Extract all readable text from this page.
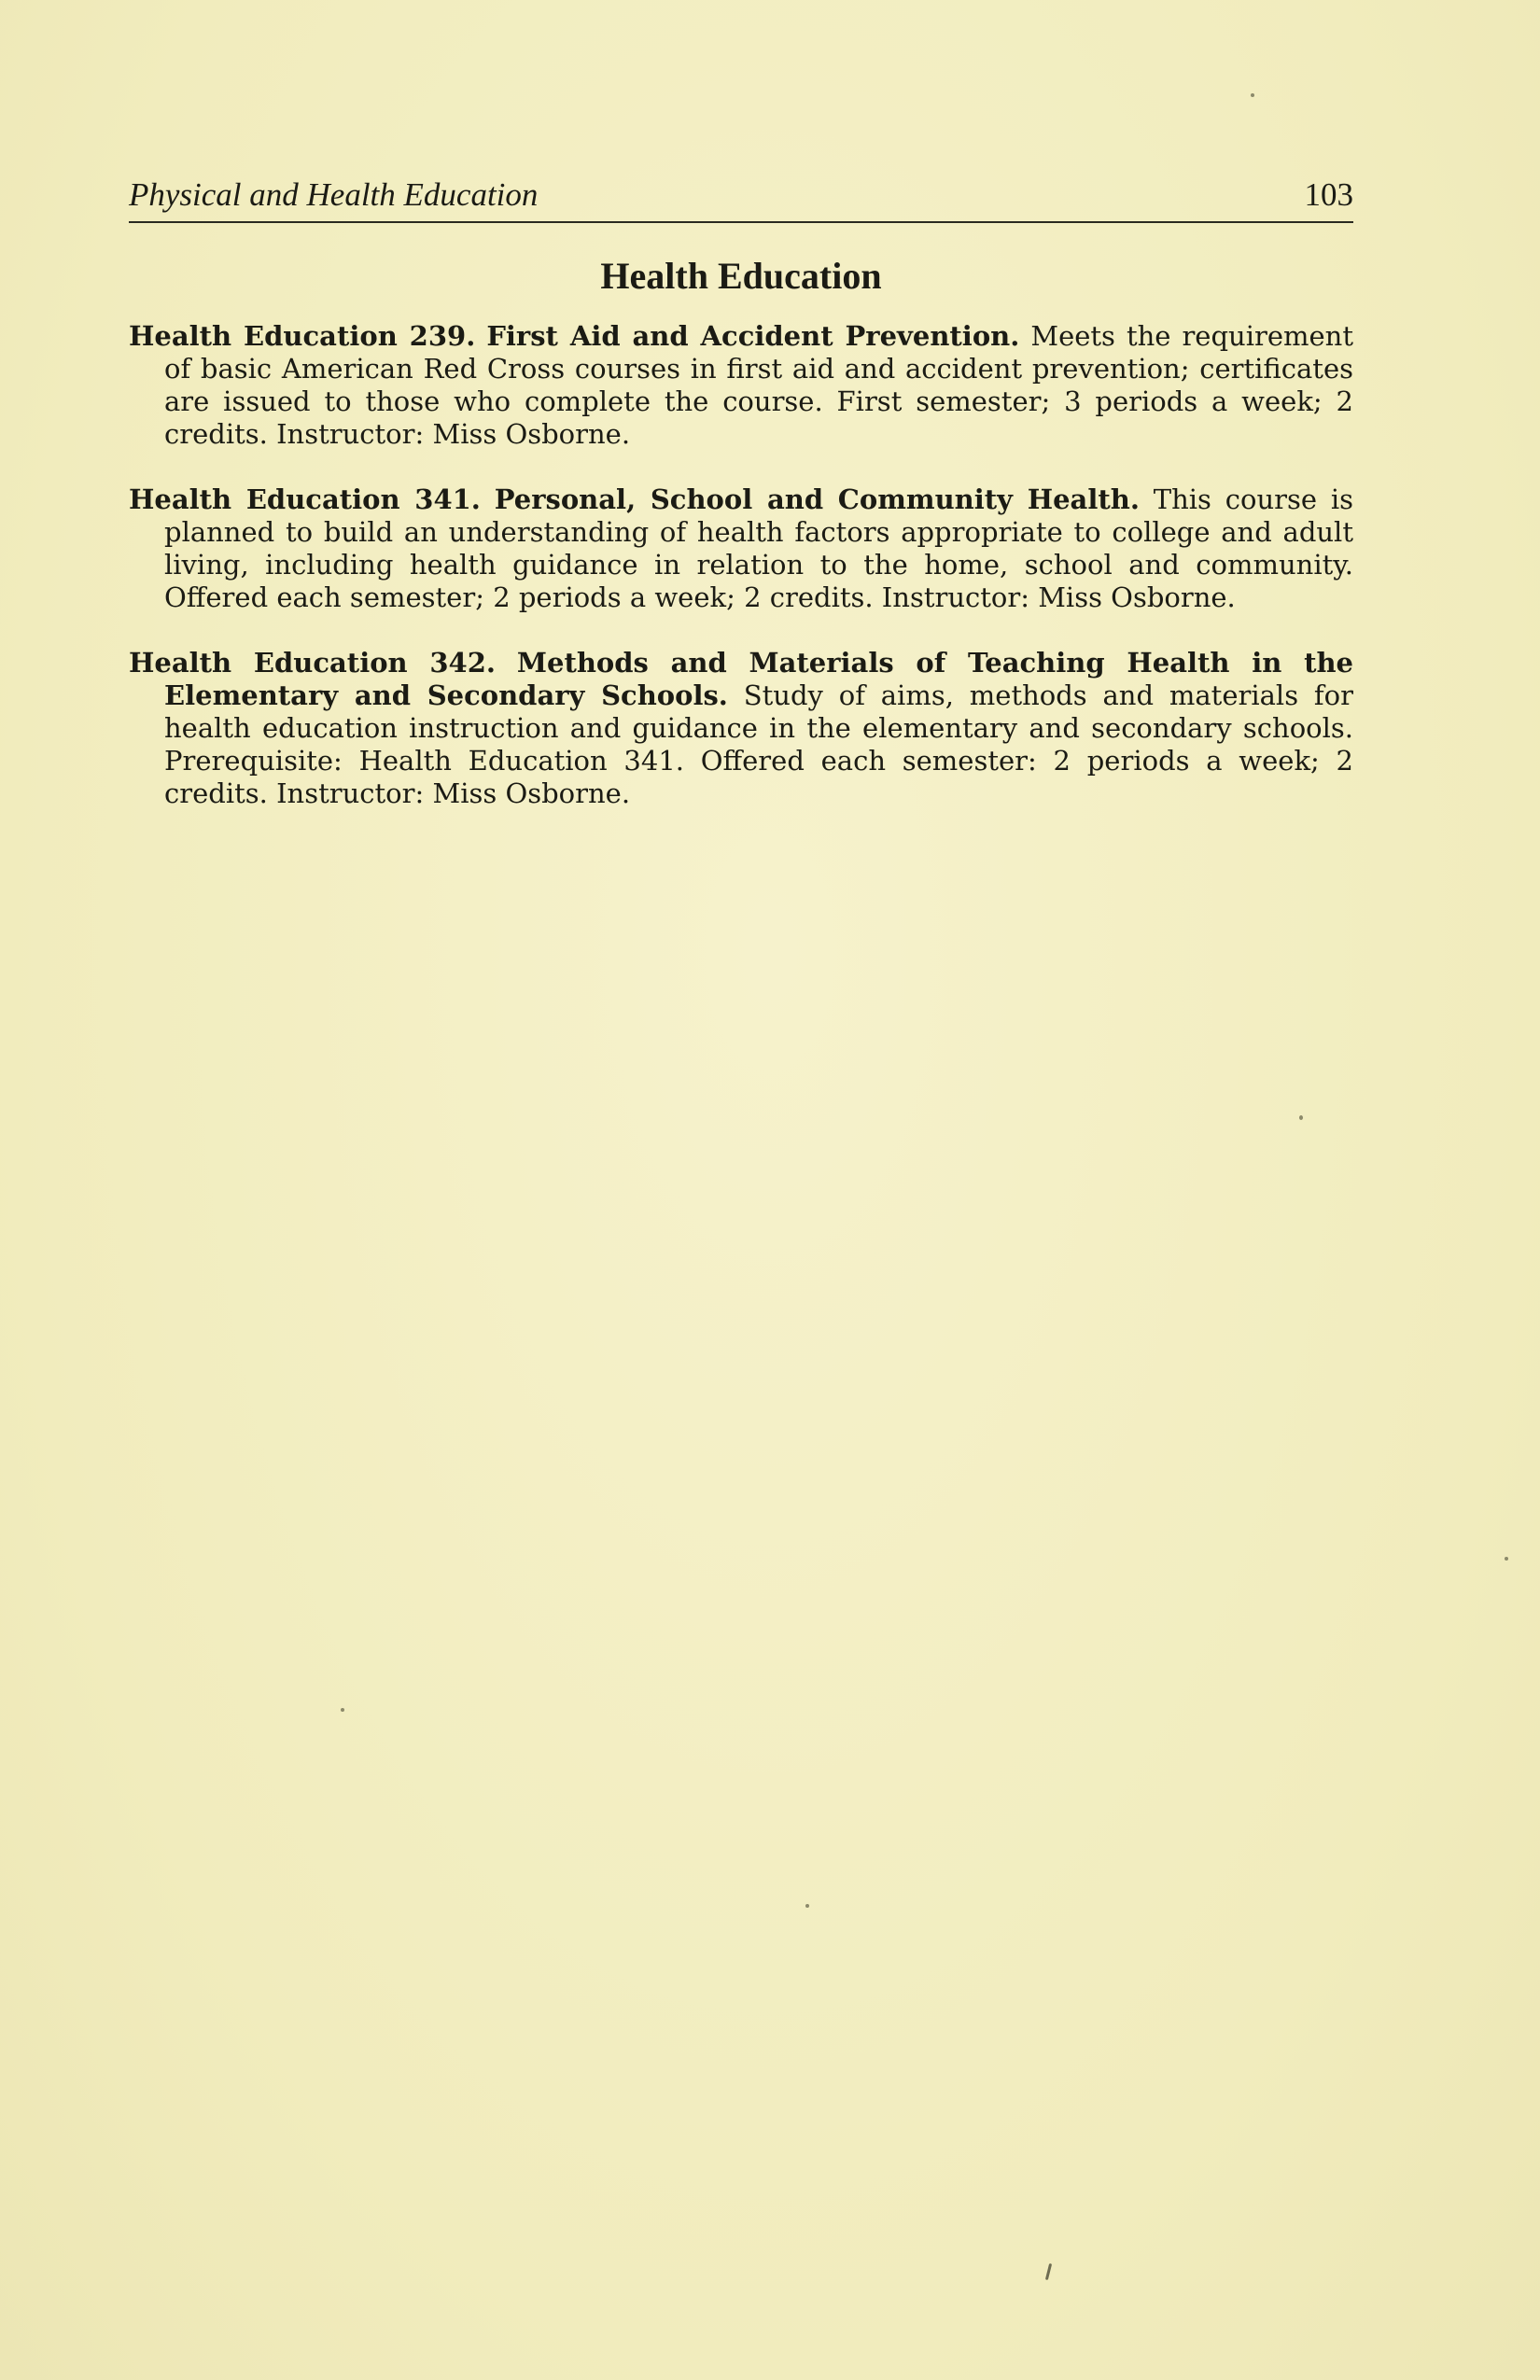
Physical and Health Education	103
Health Education

Health Education 239. First Aid and Accident Prevention. Meets the requirement of basic American Red Cross courses in first aid and accident prevention; certificates are issued to those who complete the course. First semester; 3 periods a week; 2 credits. Instructor: Miss Osborne.

Health Education 341. Personal, School and Community Health. This course is planned to build an understanding of health factors appropriate to college and adult living, including health guidance in relation to the home, school and community. Offered each semester; 2 periods a week; 2 credits. Instructor: Miss Osborne.

Health Education 342. Methods and Materials of Teaching Health in the Elementary and Secondary Schools. Study of aims, methods and materials for health education instruction and guidance in the elementary and secondary schools. Prerequisite: Health Education 341. Offered each semester: 2 periods a week; 2 credits. Instructor: Miss Osborne.
